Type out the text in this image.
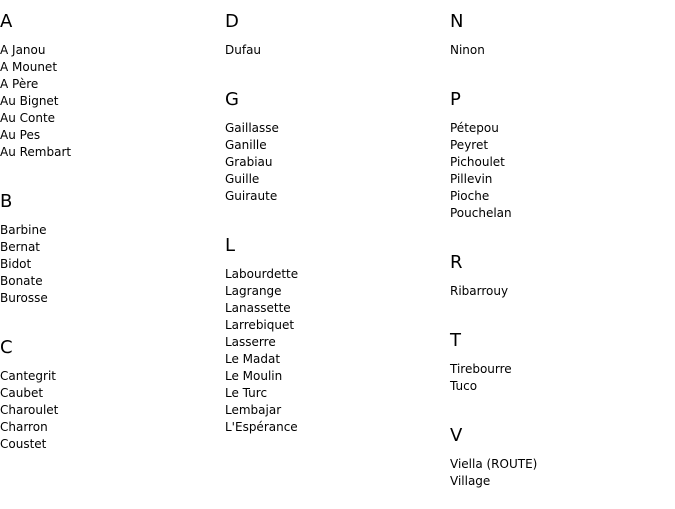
A
A Janou
A Mounet
A Père
Au Bignet
Au Conte
Au Pes
Au Rembart
B
Barbine
Bernat
Bidot
Bonate
Burosse
C
Cantegrit
Caubet
Charoulet
Charron
Coustet
D
Dufau
G
Gaillasse
Ganille
Grabiau
Guille
Guiraute
L
Labourdette
Lagrange
Lanassette
Larrebiquet
Lasserre
Le Madat
Le Moulin
Le Turc
Lembajar
L'Espérance
N
Ninon
P
Pétepou
Peyret
Pichoulet
Pillevin
Pioche
Pouchelan
R
Ribarrouy
T
Tirebourre
Tuco
V
Viella (ROUTE)
Village
